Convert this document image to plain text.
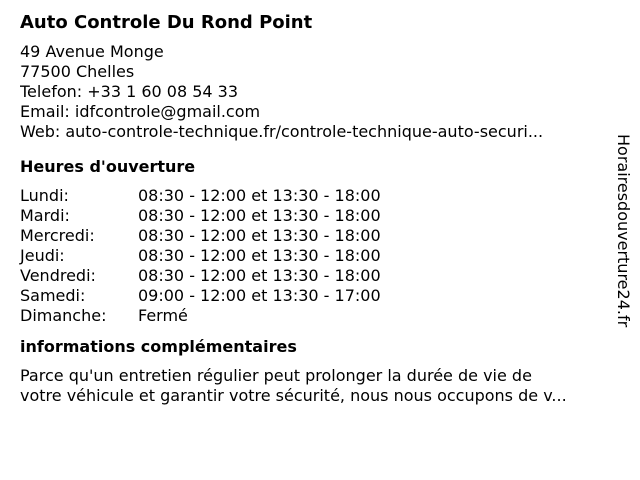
Auto Controle Du Rond Point
49 Avenue Monge
77500 Chelles
Telefon: +33 1 60 08 54 33
Email: idfcontrole@gmail.com
Web: auto-controle-technique.fr/controle-technique-auto-securi...
Heures d'ouverture
Lundi:	08:30 - 12:00 et 13:30 - 18:00
Mardi:	08:30 - 12:00 et 13:30 - 18:00
Mercredi:	08:30 - 12:00 et 13:30 - 18:00
Jeudi:	08:30 - 12:00 et 13:30 - 18:00
Vendredi:	08:30 - 12:00 et 13:30 - 18:00
Samedi:	09:00 - 12:00 et 13:30 - 17:00
Dimanche:	Fermé
informations complémentaires
Parce qu'un entretien régulier peut prolonger la durée de vie de
votre véhicule et garantir votre sécurité, nous nous occupons de v...
Horairesdouverture24.fr
